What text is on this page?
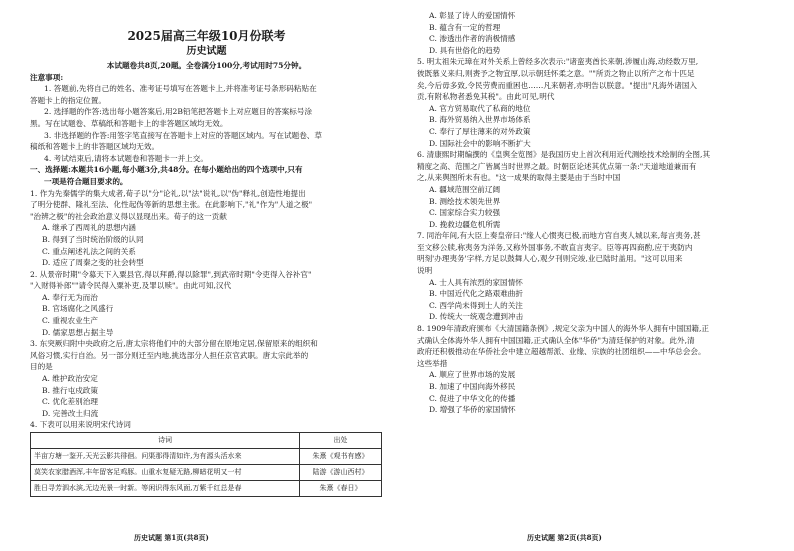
2025届高三年级10月份联考
历史试题
本试题卷共8页,20题。全卷满分100分,考试用时75分钟。
注意事项:
1. 答题前,先将自己的姓名、准考证号填写在答题卡上,并将准考证号条形码粘贴在
答题卡上的指定位置。
2. 选择题的作答:选出每小题答案后,用2B铅笔把答题卡上对应题目的答案标号涂
黑。写在试题卷、草稿纸和答题卡上的非答题区域均无效。
3. 非选择题的作答:用签字笔直接写在答题卡上对应的答题区域内。写在试题卷、草
稿纸和答题卡上的非答题区域均无效。
4. 考试结束后,请将本试题卷和答题卡一并上交。
一、选择题:本题共16小题,每小题3分,共48分。在每小题给出的四个选项中,只有
一项是符合题目要求的。
1. 作为先秦儒学的集大成者,荀子以"分"论礼,以"法"说礼,以"伪"释礼,创造性地提出
了明分使群、隆礼至法、化性起伪等新的思想主张。在此影响下,"礼"作为"人道之极"
"治辨之极"的社会政治意义得以显现出来。荀子的这一贡献
A. 继承了西周礼的思想内涵
B. 得到了当时统治阶级的认同
C. 重点阐述礼法之间的关系
D. 适应了周秦之变的社会转型
2. 从景帝时期"令募天下入粟县官,得以拜爵,得以除罪",到武帝时期"令吏得入谷补官"
"入财得补郎""请令民得入粟补吏,及罪以赎"。由此可知,汉代
A. 奉行无为而治
B. 官场腐化之风盛行
C. 重视农业生产
D. 儒家思想占据主导
3. 东突厥归附中央政府之后,唐太宗将他们中的大部分留在原地定居,保留原来的组织和
风俗习惯,实行自治。另一部分则迁至内地,挑选部分人担任京官武职。唐太宗此举的
目的是
A. 维护政治安定
B. 推行屯戍政策
C. 优化差别治理
D. 完善改土归流
4. 下表可以用来说明宋代诗词
诗词	出处
半亩方塘一鉴开,天光云影共徘徊。问渠那得清如许,为有源头活水来	朱熹《观书有感》
莫笑农家腊酒浑,丰年留客足鸡豚。山重水复疑无路,柳暗花明又一村	陆游《游山西村》
胜日寻芳泗水滨,无边光景一时新。等闲识得东风面,万紫千红总是春	朱熹《春日》
历史试题 第1页(共8页)
A. 彰显了诗人的爱国情怀
B. 蕴含有一定的哲理
C. 渗透出作者的消极情感
D. 具有世俗化的趋势
5. 明太祖朱元璋在对外关系上曾经多次表示:"诸蛮夷酋长来朝,涉履山海,动经数万里,
彼既慕义来归,则赉予之物宜厚,以示朝廷怀柔之意。""所贡之物止以所产之布十匹足
矣,今后毋多致,令民劳费而重困也……凡来朝者,亦明告以朕意。"提出"凡海外诸国入
贡,有附私物者悉免其税"。由此可见,明代
A. 官方贸易取代了私商的地位
B. 海外贸易纳入世界市场体系
C. 奉行了厚往薄来的对外政策
D. 国际社会中的影响不断扩大
6. 清康熙时期编撰的《皇舆全览图》是我国历史上首次利用近代测绘技术绘制的全图,其
精度之高、范围之广皆属当时世界之最。时朝臣论述其优点第一条:"天道地道兼而有
之,从来舆图所未有也。"这一成果的取得主要是由于当时中国
A. 疆域范围空前辽阔
B. 测绘技术领先世界
C. 国家综合实力较强
D. 挽救边疆危机所需
7. 同治年间,有大臣上奏皇帝曰:"缘人心惯夷已极,而地方官自夷人城以来,每言夷务,甚
至文移公牍,称夷务为洋务,又称外国事务,不敢直言夷字。臣等再四商酌,应于夷防内
明刻'办理夷务'字样,方足以鼓舞人心,观夕刊则完竣,业已陆时盖用。"这可以用来
说明
A. 士人具有浓烈的家国情怀
B. 中国近代化之路艰难曲折
C. 西学尚未得到士人的关注
D. 传统大一统观念遭到冲击
8. 1909年清政府颁布《大清国籍条例》,规定父亲为中国人的海外华人拥有中国国籍,正
式确认全体海外华人拥有中国国籍,正式确认全体"华侨"为清廷保护的对象。此外,清
政府还积极推动在华侨社会中建立超越帮派、业缘、宗族的社团组织——中华总会会。
这些举措
A. 顺应了世界市场的发展
B. 加速了中国向海外移民
C. 促进了中华文化的传播
D. 增强了华侨的家国情怀
历史试题 第2页(共8页)
